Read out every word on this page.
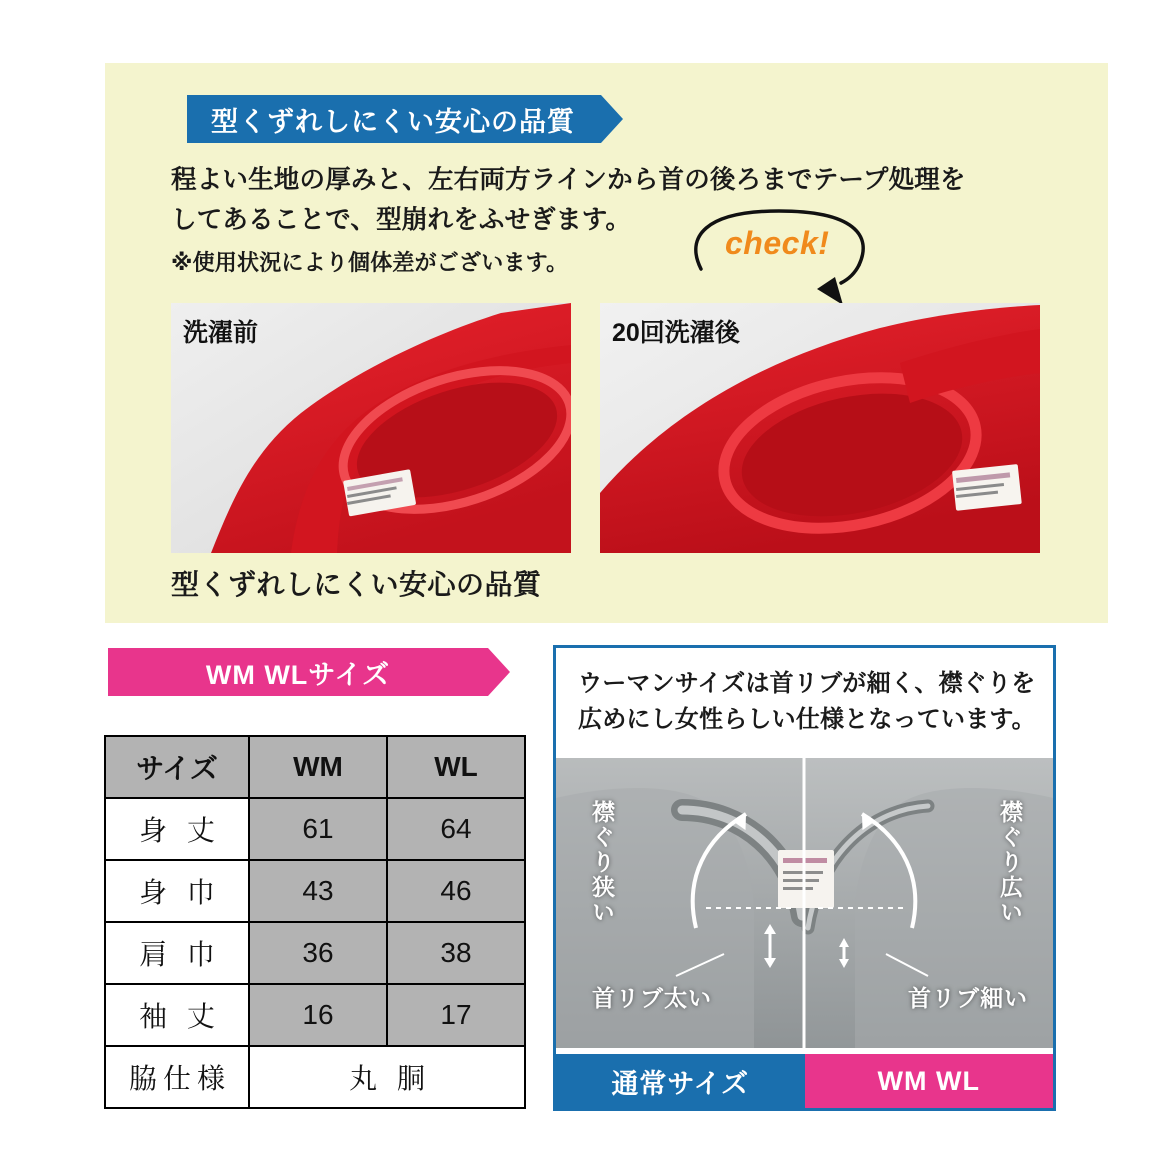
型くずれしにくい安心の品質
程よい生地の厚みと、左右両方ラインから首の後ろまでテープ処理を
してあることで、型崩れをふせぎます。
※使用状況により個体差がございます。
check!
洗濯前	20回洗濯後
型くずれしにくい安心の品質
WM WLサイズ
サイズ	WM	WL
身 丈	61	64
身 巾	43	46
肩 巾	36	38
袖 丈	16	17
脇仕様	丸 胴	
ウーマンサイズは首リブが細く、襟ぐりを
広めにし女性らしい仕様となっています。
襟ぐり狭い	襟ぐり広い
首リブ太い	首リブ細い
通常サイズ	WM WL
